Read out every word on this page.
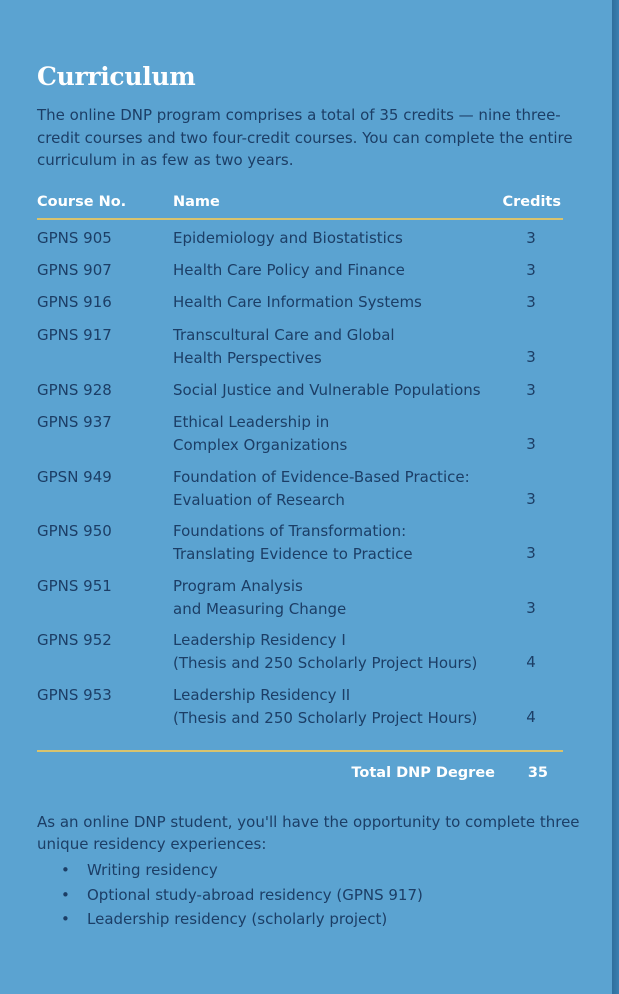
Curriculum

The online DNP program comprises a total of 35 credits — nine three-credit courses and two four-credit courses. You can complete the entire curriculum in as few as two years.

Course No.	Name	Credits
GPNS 905	Epidemiology and Biostatistics	3
GPNS 907	Health Care Policy and Finance	3
GPNS 916	Health Care Information Systems	3
GPNS 917	Transcultural Care and Global
Health Perspectives	3
GPNS 928	Social Justice and Vulnerable Populations	3
GPNS 937	Ethical Leadership in
Complex Organizations	3
GPSN 949	Foundation of Evidence-Based Practice:
Evaluation of Research	3
GPNS 950	Foundations of Transformation:
Translating Evidence to Practice	3
GPNS 951	Program Analysis
and Measuring Change	3
GPNS 952	Leadership Residency I
(Thesis and 250 Scholarly Project Hours)	4
GPNS 953	Leadership Residency II
(Thesis and 250 Scholarly Project Hours)	4
Total DNP Degree 35

As an online DNP student, you'll have the opportunity to complete three unique residency experiences:

• Writing residency
• Optional study-abroad residency (GPNS 917)
• Leadership residency (scholarly project)
